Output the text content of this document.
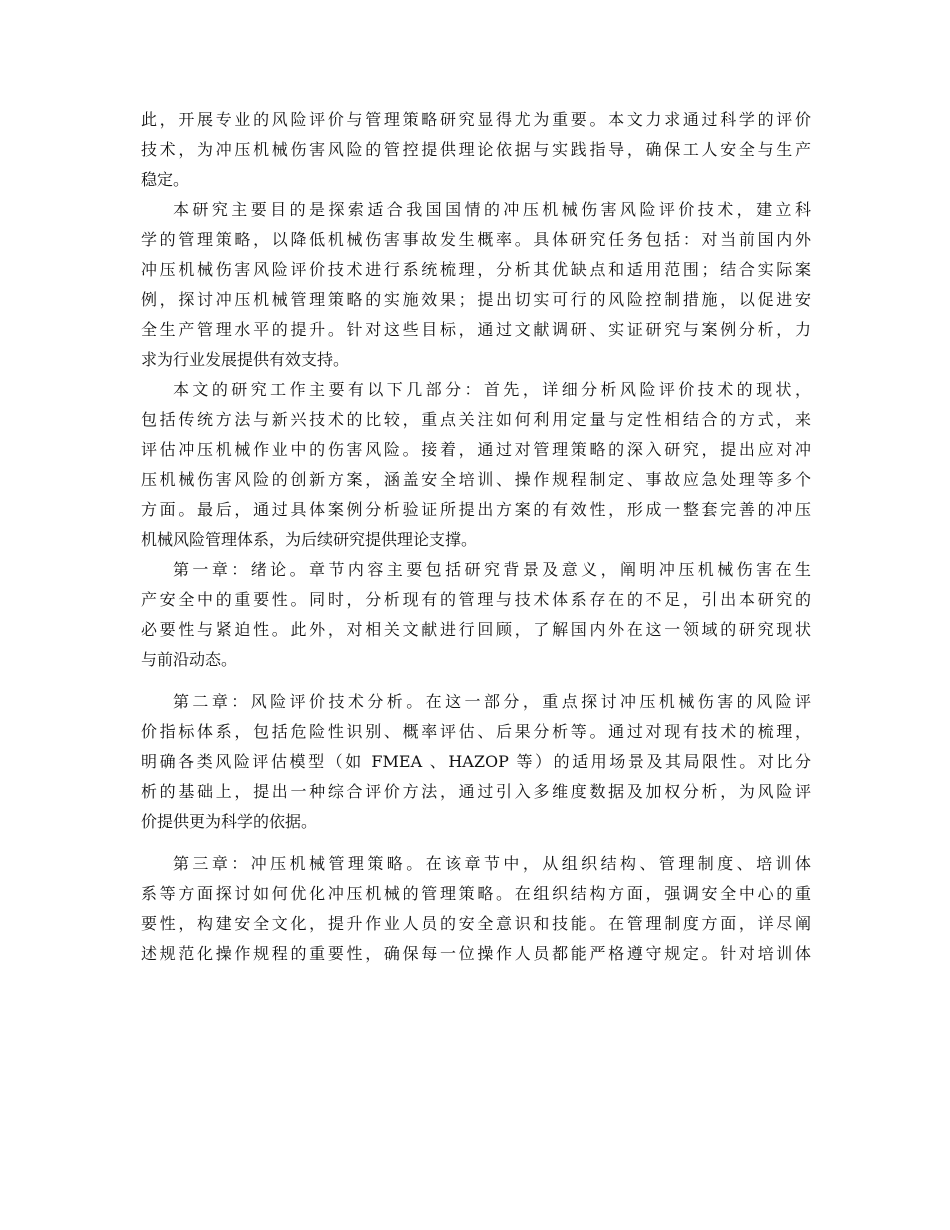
此，开展专业的风险评价与管理策略研究显得尤为重要。本文力求通过科学的评价
技术，为冲压机械伤害风险的管控提供理论依据与实践指导，确保工人安全与生产
稳定。
本研究主要目的是探索适合我国国情的冲压机械伤害风险评价技术，建立科
学的管理策略，以降低机械伤害事故发生概率。具体研究任务包括：对当前国内外
冲压机械伤害风险评价技术进行系统梳理，分析其优缺点和适用范围；结合实际案
例，探讨冲压机械管理策略的实施效果；提出切实可行的风险控制措施，以促进安
全生产管理水平的提升。针对这些目标，通过文献调研、实证研究与案例分析，力
求为行业发展提供有效支持。
本文的研究工作主要有以下几部分：首先，详细分析风险评价技术的现状，
包括传统方法与新兴技术的比较，重点关注如何利用定量与定性相结合的方式，来
评估冲压机械作业中的伤害风险。接着，通过对管理策略的深入研究，提出应对冲
压机械伤害风险的创新方案，涵盖安全培训、操作规程制定、事故应急处理等多个
方面。最后，通过具体案例分析验证所提出方案的有效性，形成一整套完善的冲压
机械风险管理体系，为后续研究提供理论支撑。
第一章：绪论。章节内容主要包括研究背景及意义，阐明冲压机械伤害在生
产安全中的重要性。同时，分析现有的管理与技术体系存在的不足，引出本研究的
必要性与紧迫性。此外，对相关文献进行回顾，了解国内外在这一领域的研究现状
与前沿动态。
第二章：风险评价技术分析。在这一部分，重点探讨冲压机械伤害的风险评
价指标体系，包括危险性识别、概率评估、后果分析等。通过对现有技术的梳理，
明确各类风险评估模型（如 FMEA 、HAZOP 等）的适用场景及其局限性。对比分
析的基础上，提出一种综合评价方法，通过引入多维度数据及加权分析，为风险评
价提供更为科学的依据。
第三章：冲压机械管理策略。在该章节中，从组织结构、管理制度、培训体
系等方面探讨如何优化冲压机械的管理策略。在组织结构方面，强调安全中心的重
要性，构建安全文化，提升作业人员的安全意识和技能。在管理制度方面，详尽阐
述规范化操作规程的重要性，确保每一位操作人员都能严格遵守规定。针对培训体
